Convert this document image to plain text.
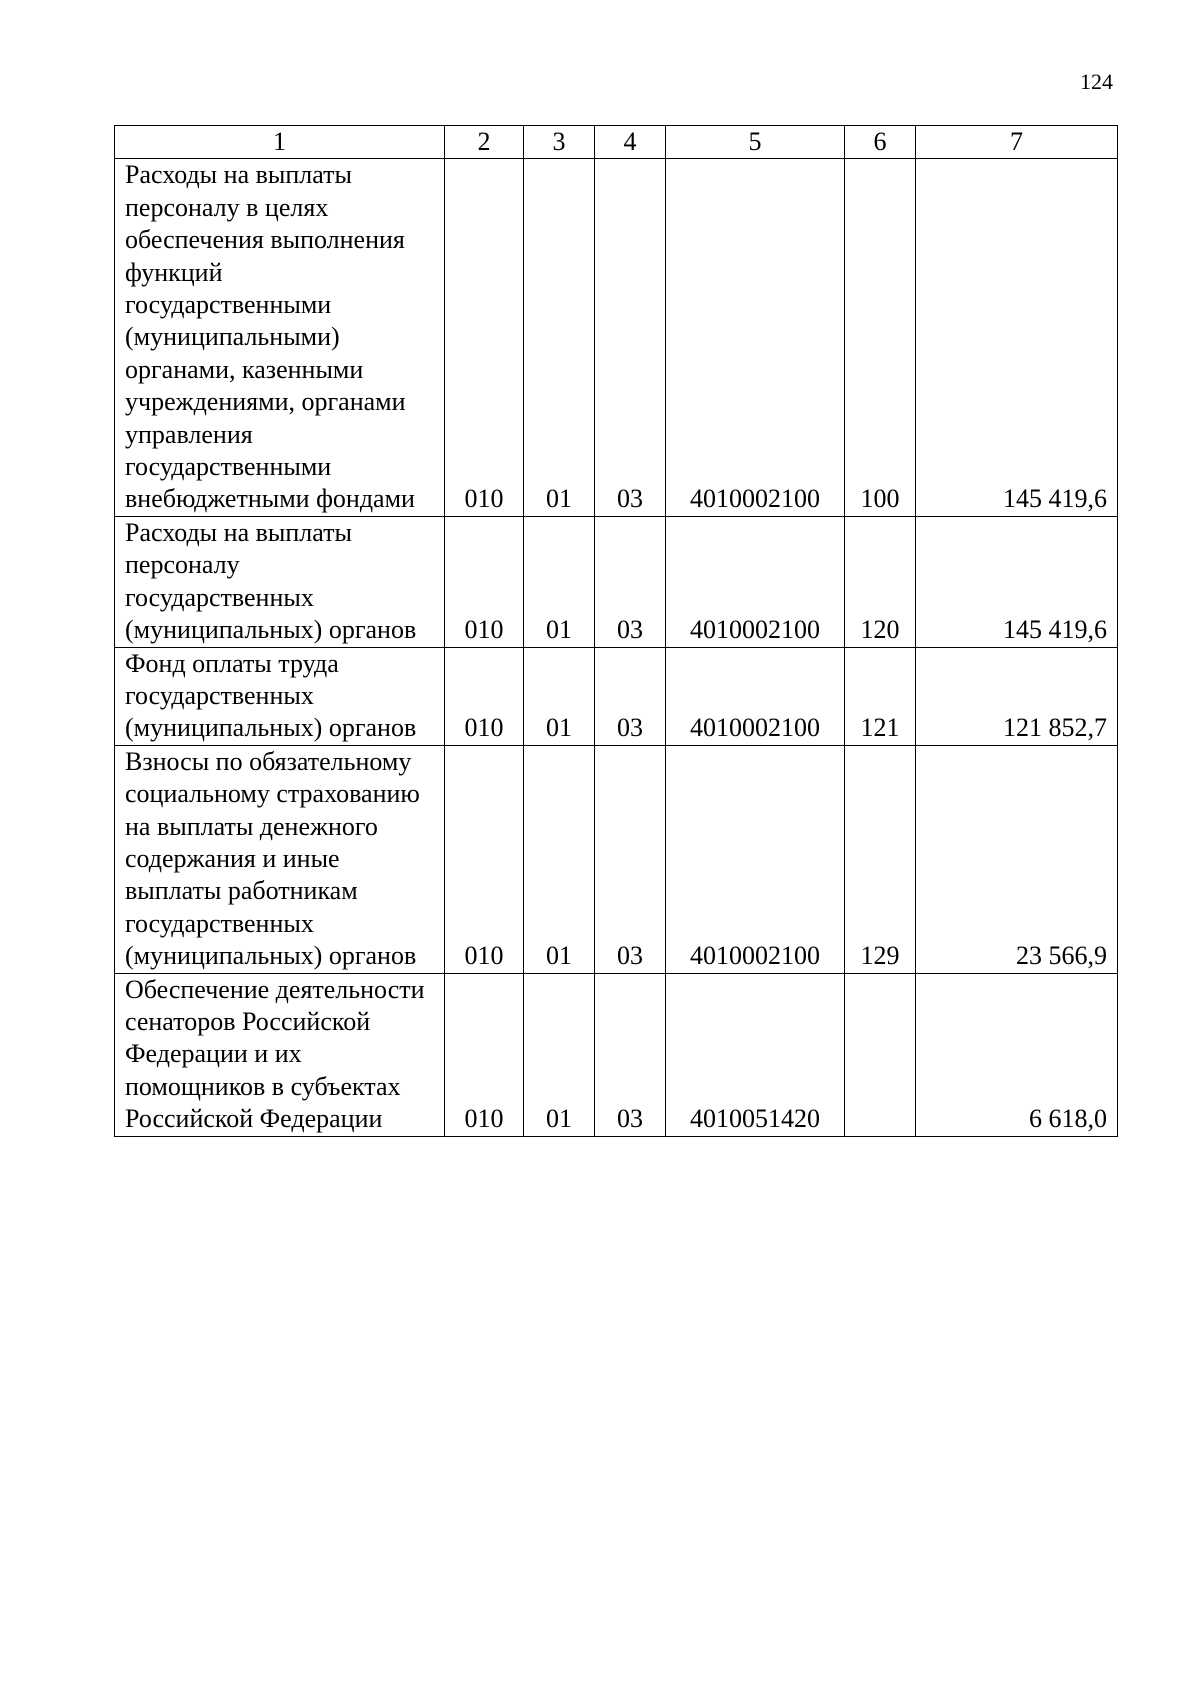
124
1	2	3	4	5	6	7
Расходы на выплаты персоналу в целях обеспечения выполнения функций государственными (муниципальными) органами, казенными учреждениями, органами управления государственными внебюджетными фондами	010	01	03	4010002100	100	145 419,6
Расходы на выплаты персоналу государственных (муниципальных) органов	010	01	03	4010002100	120	145 419,6
Фонд оплаты труда государственных (муниципальных) органов	010	01	03	4010002100	121	121 852,7
Взносы по обязательному социальному страхованию на выплаты денежного содержания и иные выплаты работникам государственных (муниципальных) органов	010	01	03	4010002100	129	23 566,9
Обеспечение деятельности сенаторов Российской Федерации и их помощников в субъектах Российской Федерации	010	01	03	4010051420		6 618,0
